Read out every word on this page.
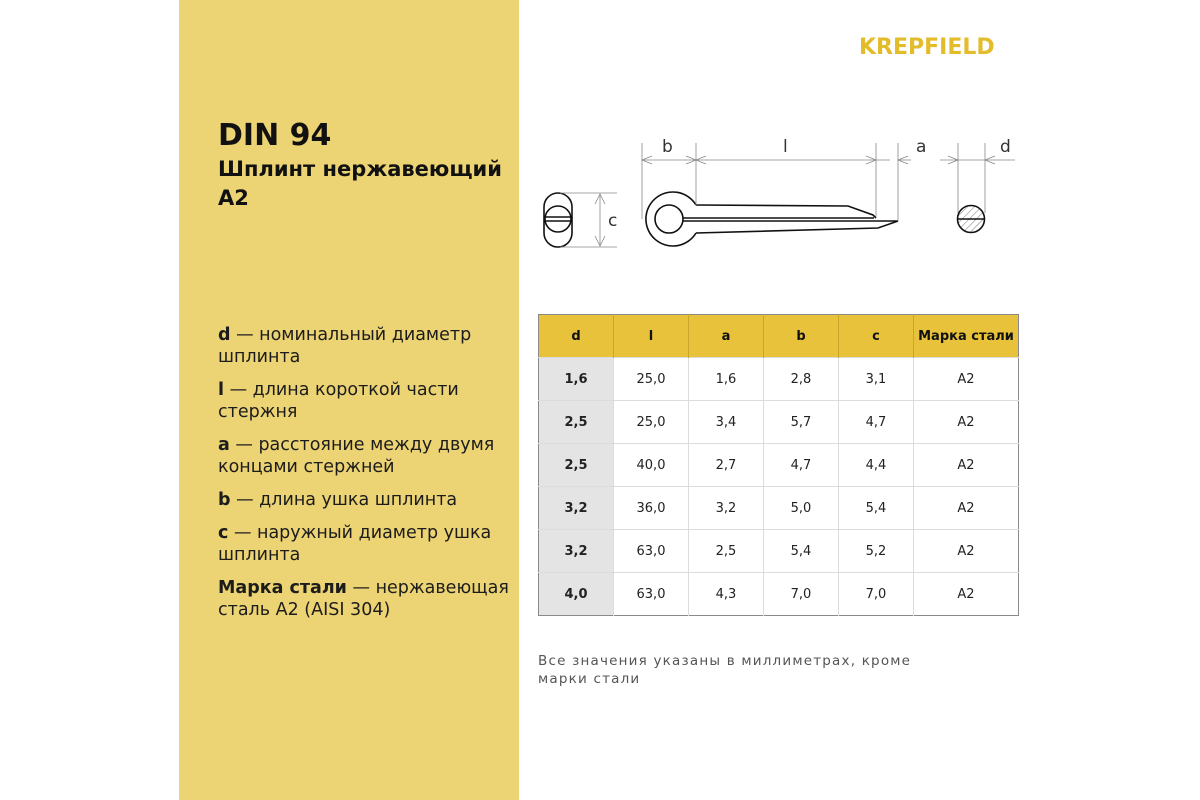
DIN 94
Шплинт нержавеющий А2

d — номинальный диаметр шплинта

l — длина короткой части стержня

a — расстояние между двумя концами стержней

b — длина ушка шплинта

c — наружный диаметр ушка шплинта

Марка стали — нержавеющая сталь А2 (AISI 304)

KREPFIELD
c
b	l	a	d
d	l	a	b	c	Марка стали
1,6	25,0	1,6	2,8	3,1	A2
2,5	25,0	3,4	5,7	4,7	A2
2,5	40,0	2,7	4,7	4,4	A2
3,2	36,0	3,2	5,0	5,4	A2
3,2	63,0	2,5	5,4	5,2	A2
4,0	63,0	4,3	7,0	7,0	A2
Все значения указаны в миллиметрах, кроме марки стали
